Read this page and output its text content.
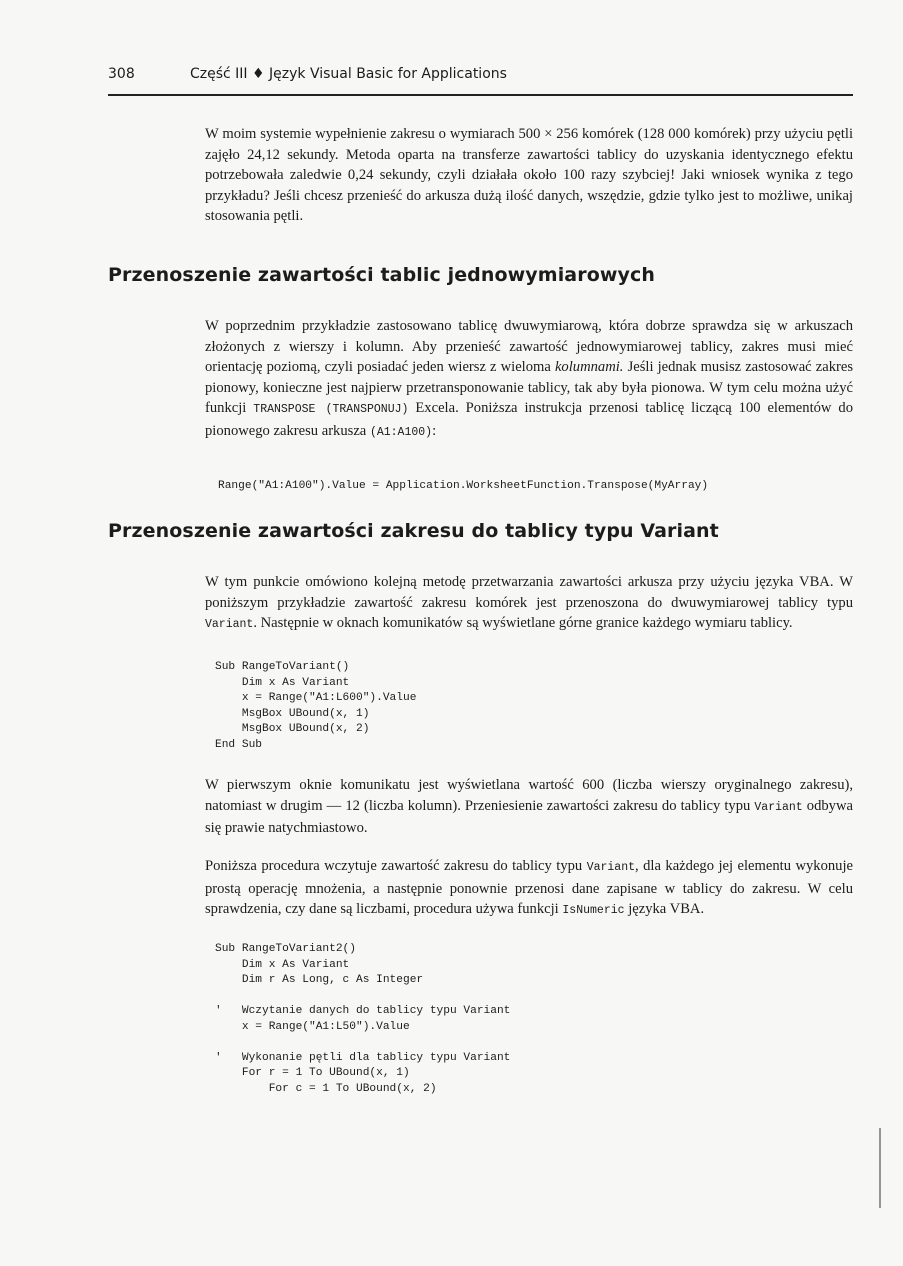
308	Część III ♦ Język Visual Basic for Applications

W moim systemie wypełnienie zakresu o wymiarach 500 × 256 komórek (128 000 komórek) przy użyciu pętli zajęło 24,12 sekundy. Metoda oparta na transferze zawartości tablicy do uzyskania identycznego efektu potrzebowała zaledwie 0,24 sekundy, czyli działała około 100 razy szybciej! Jaki wniosek wynika z tego przykładu? Jeśli chcesz przenieść do arkusza dużą ilość danych, wszędzie, gdzie tylko jest to możliwe, unikaj stosowania pętli.

Przenoszenie zawartości tablic jednowymiarowych

W poprzednim przykładzie zastosowano tablicę dwuwymiarową, która dobrze sprawdza się w arkuszach złożonych z wierszy i kolumn. Aby przenieść zawartość jednowymiarowej tablicy, zakres musi mieć orientację poziomą, czyli posiadać jeden wiersz z wieloma kolumnami. Jeśli jednak musisz zastosować zakres pionowy, konieczne jest najpierw przetransponowanie tablicy, tak aby była pionowa. W tym celu można użyć funkcji TRANSPOSE (TRANSPONUJ) Excela. Poniższa instrukcja przenosi tablicę liczącą 100 elementów do pionowego zakresu arkusza (A1:A100):

Range("A1:A100").Value = Application.WorksheetFunction.Transpose(MyArray)
Przenoszenie zawartości zakresu do tablicy typu Variant

W tym punkcie omówiono kolejną metodę przetwarzania zawartości arkusza przy użyciu języka VBA. W poniższym przykładzie zawartość zakresu komórek jest przenoszona do dwuwymiarowej tablicy typu Variant. Następnie w oknach komunikatów są wyświetlane górne granice każdego wymiaru tablicy.

Sub RangeToVariant()
Dim x As Variant
x = Range("A1:L600").Value
MsgBox UBound(x, 1)
MsgBox UBound(x, 2)
End Sub

W pierwszym oknie komunikatu jest wyświetlana wartość 600 (liczba wierszy oryginalnego zakresu), natomiast w drugim — 12 (liczba kolumn). Przeniesienie zawartości zakresu do tablicy typu Variant odbywa się prawie natychmiastowo.

Poniższa procedura wczytuje zawartość zakresu do tablicy typu Variant, dla każdego jej elementu wykonuje prostą operację mnożenia, a następnie ponownie przenosi dane zapisane w tablicy do zakresu. W celu sprawdzenia, czy dane są liczbami, procedura używa funkcji IsNumeric języka VBA.

Sub RangeToVariant2()
Dim x As Variant
Dim r As Long, c As Integer

'   Wczytanie danych do tablicy typu Variant
x = Range("A1:L50").Value

'   Wykonanie pętli dla tablicy typu Variant
For r = 1 To UBound(x, 1)
For c = 1 To UBound(x, 2)
